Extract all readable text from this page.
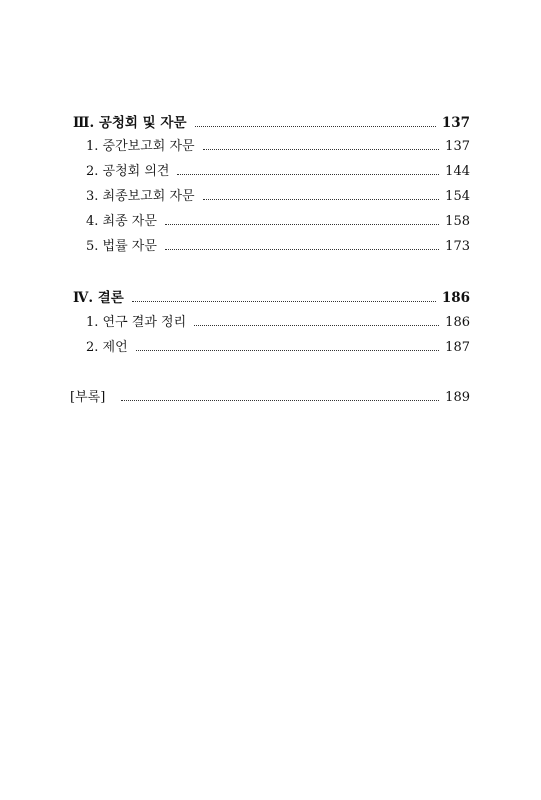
Ⅲ. 공청회 및 자문	137
1. 중간보고회 자문	137
2. 공청회 의견	144
3. 최종보고회 자문	154
4. 최종 자문	158
5. 법률 자문	173
Ⅳ. 결론	186
1. 연구 결과 정리	186
2. 제언	187
[부록]	189
